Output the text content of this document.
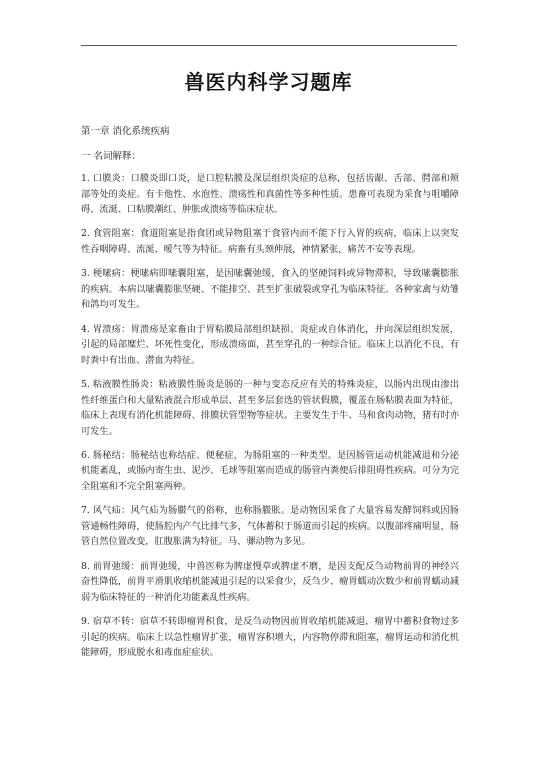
兽医内科学习题库
第一章 消化系统疾病
一 名词解释：

1. 口膜炎：口膜炎即口炎，是口腔粘膜及深层组织炎症的总称，包括齿龈、舌部、腭部和颊部等处的炎症。有卡他性、水泡性、溃疡性和真菌性等多种性质。患畜可表现为采食与咀嚼障碍、流涎、口粘膜潮红、肿胀或溃疡等临床症状。

2. 食管阻塞：食道阻塞是指食团或异物阻塞于食管内而不能下行入胃的疾病，临床上以突发性吞咽障碍、流涎、嗳气等为特征。病畜有头颈伸展，神情紧张，痛苦不安等表现。

3. 梗嗉病：梗嗉病即嗉囊阻塞，是因嗉囊弛缓，食入的坚硬饲料或异物滞积，导致嗉囊膨胀的疾病。本病以嗉囊膨胀坚硬、不能排空、甚至扩张破裂或穿孔为临床特征。各种家禽与幼雏和鸽均可发生。

4. 胃溃疡：胃溃疡是家畜由于胃粘膜局部组织缺损、炎症或自体消化，并向深层组织发展，引起的局部糜烂、坏死性变化，形成溃疡面，甚至穿孔的一种综合征。临床上以消化不良，有时粪中有出血、潜血为特征。

5. 粘液膜性肠炎：粘液膜性肠炎是肠的一种与变态反应有关的特殊炎症，以肠内出现由渗出性纤维蛋白和大量粘液混合形成单层、甚至多层套选的管状假膜，覆盖在肠粘膜表面为特征，临床上表现有消化机能障碍、排膜状管型物等症状。主要发生于牛、马和食肉动物，猪有时亦可发生。

6. 肠秘结：肠秘结也称结症、便秘症，为肠阻塞的一种类型。是因肠管运动机能减退和分泌机能紊乱，或肠内寄生虫、泥沙、毛球等阻塞而造成的肠管内粪便后排阻碍性疾病。可分为完全阻塞和不完全阻塞两种。

7. 风气疝：风气疝为肠臌气的俗称，也称肠臌胀。是动物因采食了大量容易发酵饲料或因肠管通畅性障碍，使肠腔内产气比排气多，气体蓄积于肠道而引起的疾病。以腹部疼痛明显，肠管自然位置改变，肛腹胀满为特征。马、骡动物为多见。

8. 前胃弛缓：前胃弛缓，中兽医称为脾虚慢草或脾虚不磨，是因支配反刍动物前胃的神经兴奋性降低，前胃平滑肌收缩机能减退引起的以采食少，反刍少、瘤胃蠕动次数少和前胃蠕动减弱为临床特征的一种消化功能紊乱性疾病。

9. 宿草不转：宿草不转即瘤胃积食，是反刍动物因前胃收缩机能减退，瘤胃中蓄积食物过多引起的疾病。临床上以急性瘤胃扩张，瘤胃容积增大，内容物停滞和阻塞，瘤胃运动和消化机能障碍，形成脱水和毒血症症状。
